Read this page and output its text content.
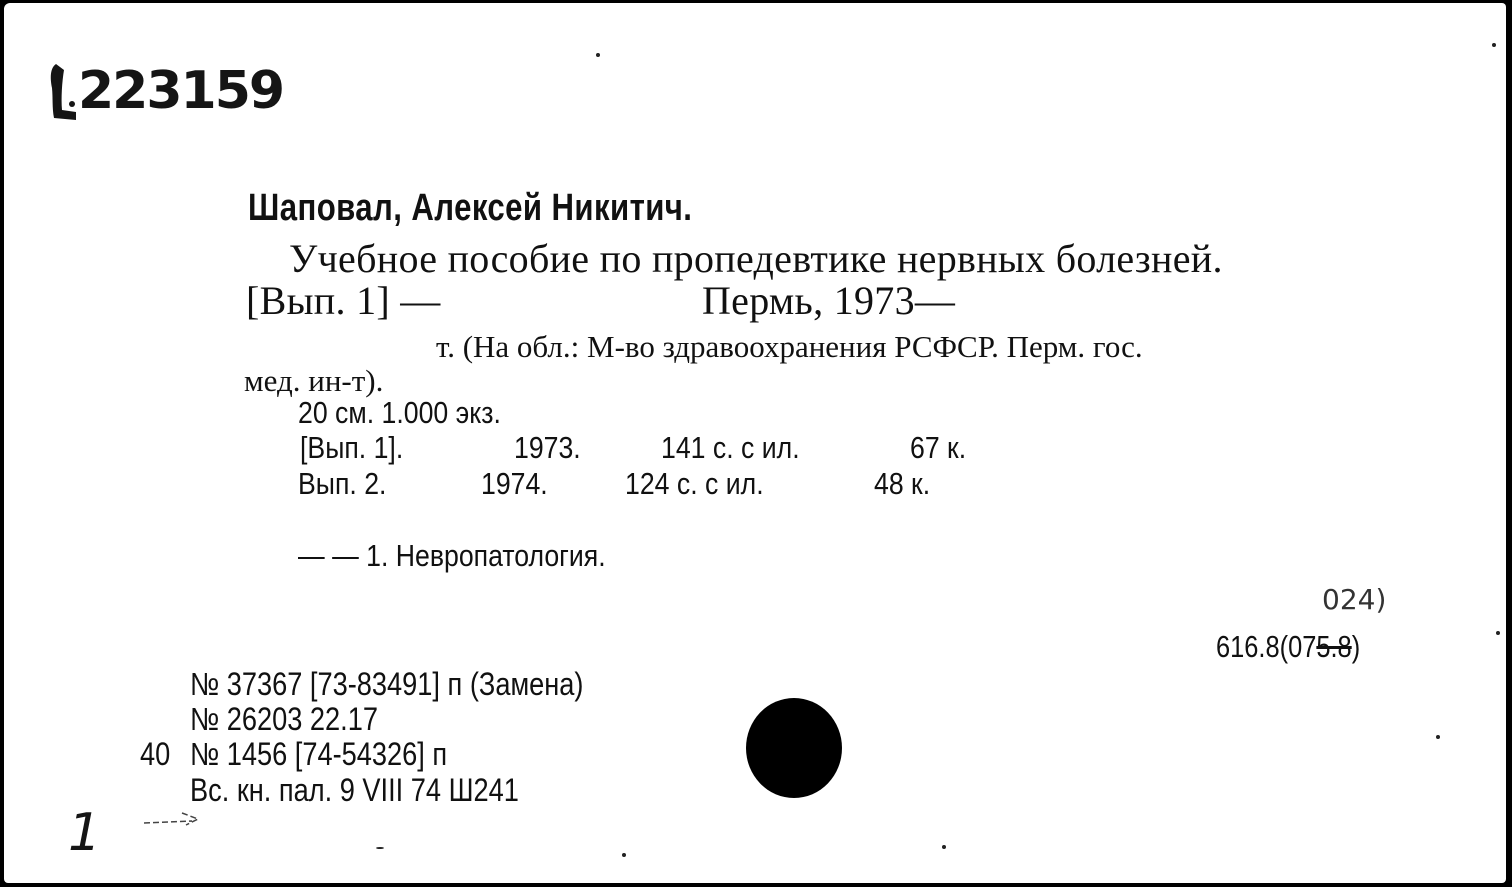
223159
Шаповал, Алексей Никитич.
Учебное пособие по пропедевтике нервных болезней.
[Вып. 1] —	Пермь, 1973—
т. (На обл.: М-во здравоохранения РСФСР. Перм. гос.
мед. ин-т).
20 см. 1.000 экз.
[Вып. 1].	1973.	141 с. с ил.	67 к.
Вып. 2.	1974. 124 с. с ил.	48 к.
— — 1. Невропатология.
024)
616.8(075.8)
№ 37367 [73-83491] п (Замена)
№ 26203 22.17
40 № 1456 [74-54326] п
Вс. кн. пал. 9 VIII 74 Ш241
1
